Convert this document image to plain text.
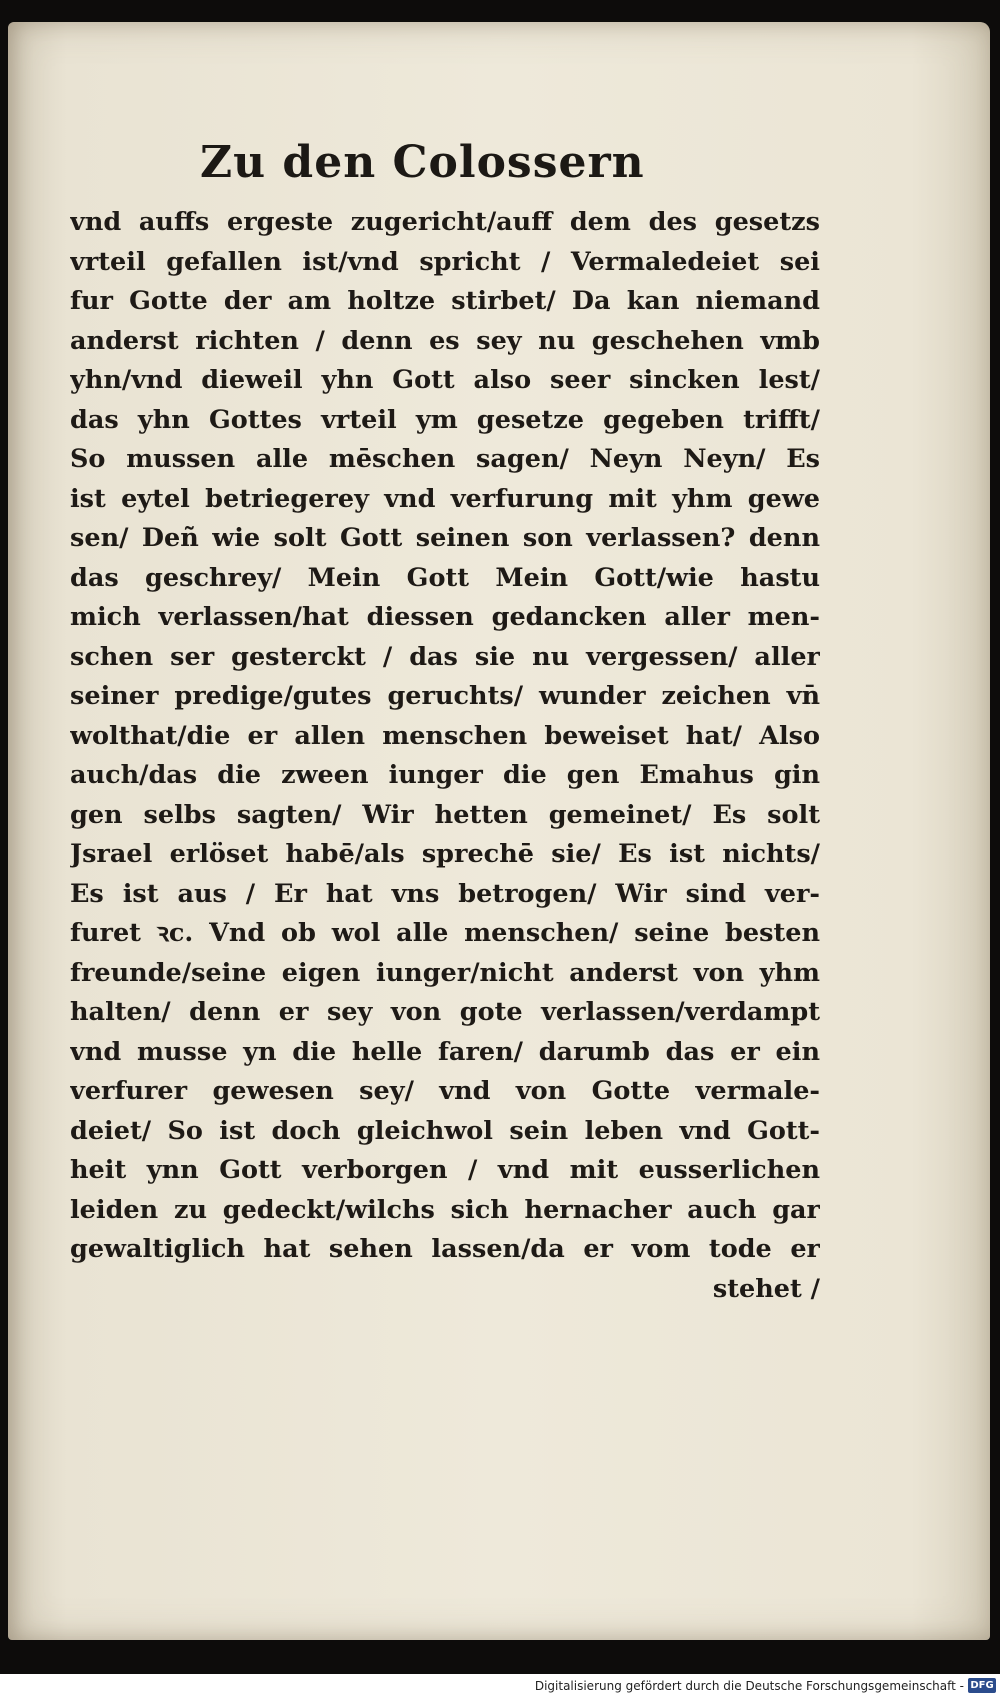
Zu den Colossern
vnd auffs ergeste zugericht/auff dem des gesetzs
vrteil gefallen ist/vnd spricht / Vermaledeiet sei
fur Gotte der am holtze stirbet/ Da kan niemand
anderst richten / denn es sey nu geschehen vmb
yhn/vnd dieweil yhn Gott also seer sincken lest/
das yhn Gottes vrteil ym gesetze gegeben trifft/
So mussen alle mēschen sagen/ Neyn Neyn/ Es
ist eytel betriegerey vnd verfurung mit yhm gewe
sen/ Deñ wie solt Gott seinen son verlassen? denn
das geschrey/ Mein Gott Mein Gott/wie hastu
mich verlassen/hat diessen gedancken aller men-
schen ser gesterckt / das sie nu vergessen/ aller
seiner predige/gutes geruchts/ wunder zeichen vn̄
wolthat/die er allen menschen beweiset hat/ Also
auch/das die zween iunger die gen Emahus gin
gen selbs sagten/ Wir hetten gemeinet/ Es solt
Jsrael erlöset habē/als sprechē sie/ Es ist nichts/
Es ist aus / Er hat vns betrogen/ Wir sind ver-
furet ꝛc. Vnd ob wol alle menschen/ seine besten
freunde/seine eigen iunger/nicht anderst von yhm
halten/ denn er sey von gote verlassen/verdampt
vnd musse yn die helle faren/ darumb das er ein
verfurer gewesen sey/ vnd von Gotte vermale-
deiet/ So ist doch gleichwol sein leben vnd Gott-
heit ynn Gott verborgen / vnd mit eusserlichen
leiden zu gedeckt/wilchs sich hernacher auch gar
gewaltiglich hat sehen lassen/da er vom tode er
stehet /
Digitalisierung gefördert durch die Deutsche Forschungsgemeinschaft - DFG
